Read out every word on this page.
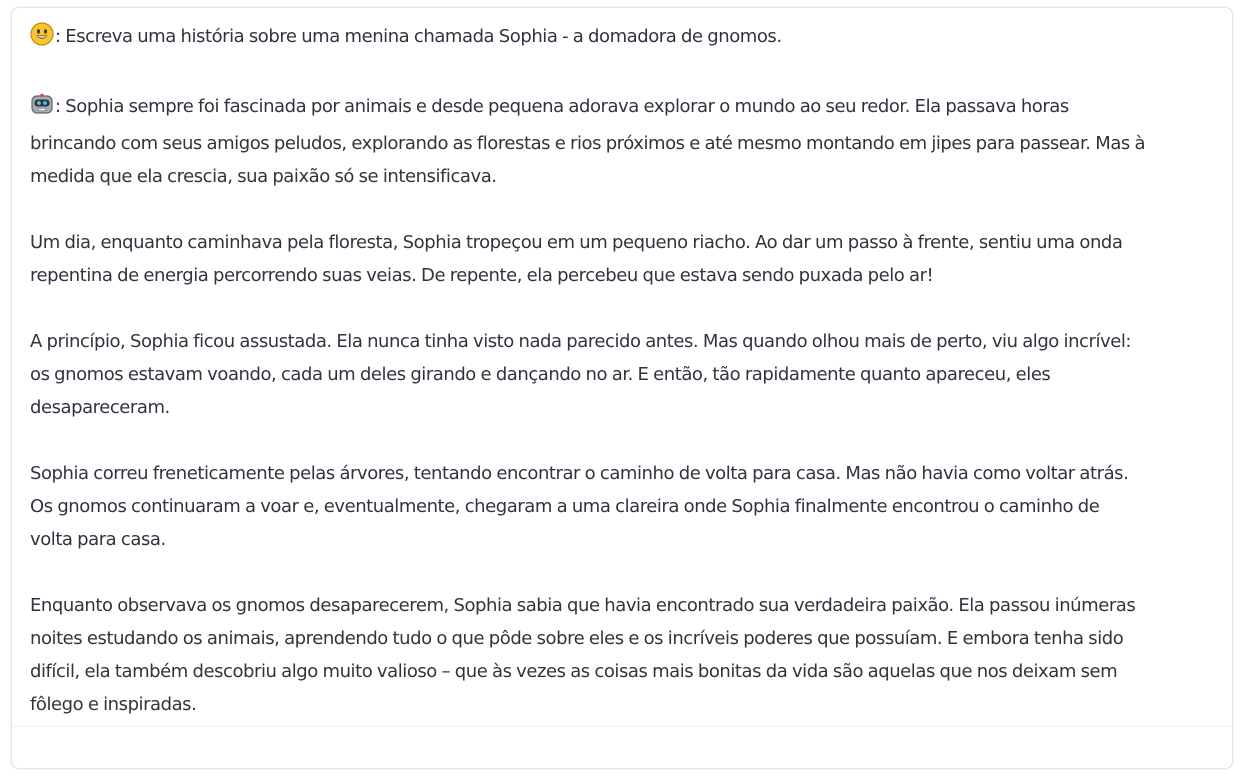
: Escreva uma história sobre uma menina chamada Sophia - a domadora de gnomos.

: Sophia sempre foi fascinada por animais e desde pequena adorava explorar o mundo ao seu redor. Ela passava horas

brincando com seus amigos peludos, explorando as florestas e rios próximos e até mesmo montando em jipes para passear. Mas à

medida que ela crescia, sua paixão só se intensificava.

Um dia, enquanto caminhava pela floresta, Sophia tropeçou em um pequeno riacho. Ao dar um passo à frente, sentiu uma onda

repentina de energia percorrendo suas veias. De repente, ela percebeu que estava sendo puxada pelo ar!

A princípio, Sophia ficou assustada. Ela nunca tinha visto nada parecido antes. Mas quando olhou mais de perto, viu algo incrível:

os gnomos estavam voando, cada um deles girando e dançando no ar. E então, tão rapidamente quanto apareceu, eles

desapareceram.

Sophia correu freneticamente pelas árvores, tentando encontrar o caminho de volta para casa. Mas não havia como voltar atrás.

Os gnomos continuaram a voar e, eventualmente, chegaram a uma clareira onde Sophia finalmente encontrou o caminho de

volta para casa.

Enquanto observava os gnomos desaparecerem, Sophia sabia que havia encontrado sua verdadeira paixão. Ela passou inúmeras

noites estudando os animais, aprendendo tudo o que pôde sobre eles e os incríveis poderes que possuíam. E embora tenha sido

difícil, ela também descobriu algo muito valioso – que às vezes as coisas mais bonitas da vida são aquelas que nos deixam sem

fôlego e inspiradas.
